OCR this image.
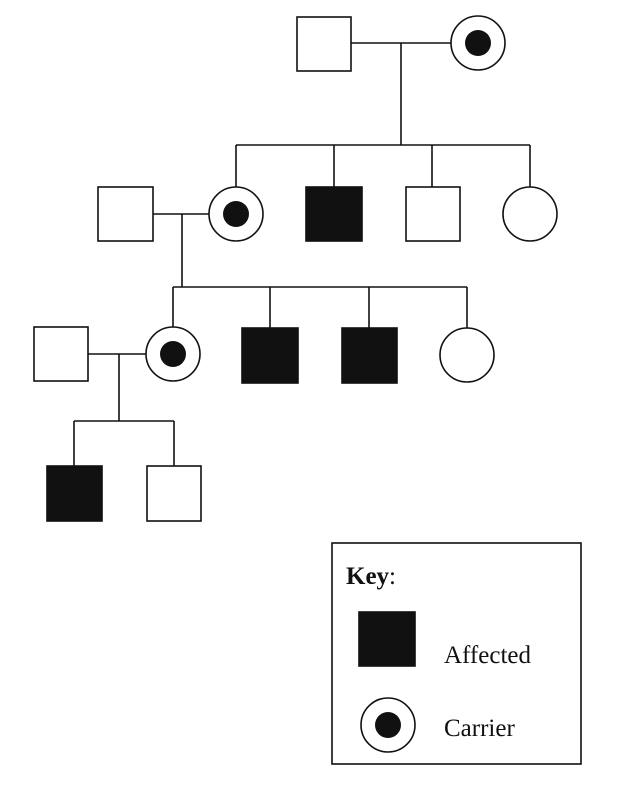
Key:
Affected
Carrier
